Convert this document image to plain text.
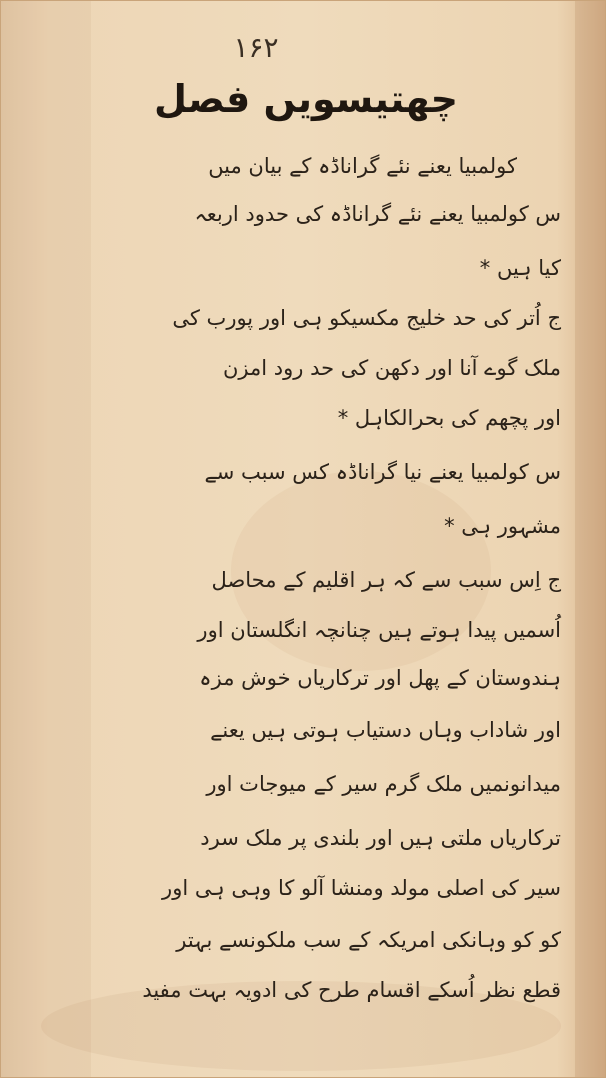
۱۶۲
چھتیسویں فصل
کولمبیا یعنے نئے گراناڈہ کے بیان میں
س کولمبیا یعنے نئے گراناڈہ کی حدود اربعہ
کیا ہیں *
ج اُتر کی حد خلیج مکسیکو ہی اور پورب کی
ملک گوے آنا اور دکھن کی حد رود امزن
اور پچھم کی بحرالکاہل *
س کولمبیا یعنے نیا گراناڈہ کس سبب سے
مشہور ہی *
ج اِس سبب سے کہ ہر اقلیم کے محاصل
اُسمیں پیدا ہوتے ہیں چنانچہ انگلستان اور
ہندوستان کے پھل اور ترکاریاں خوش مزہ
اور شاداب وہاں دستیاب ہوتی ہیں یعنے
میدانونمیں ملک گرم سیر کے میوجات اور
ترکاریاں ملتی ہیں اور بلندی پر ملک سرد
سیر کی اصلی مولد ومنشا آلو کا وہی ہی اور
کو کو وہانکی امریکہ کے سب ملکونسے بہتر
قطع نظر اُسکے اقسام طرح کی ادویہ بہت مفید
